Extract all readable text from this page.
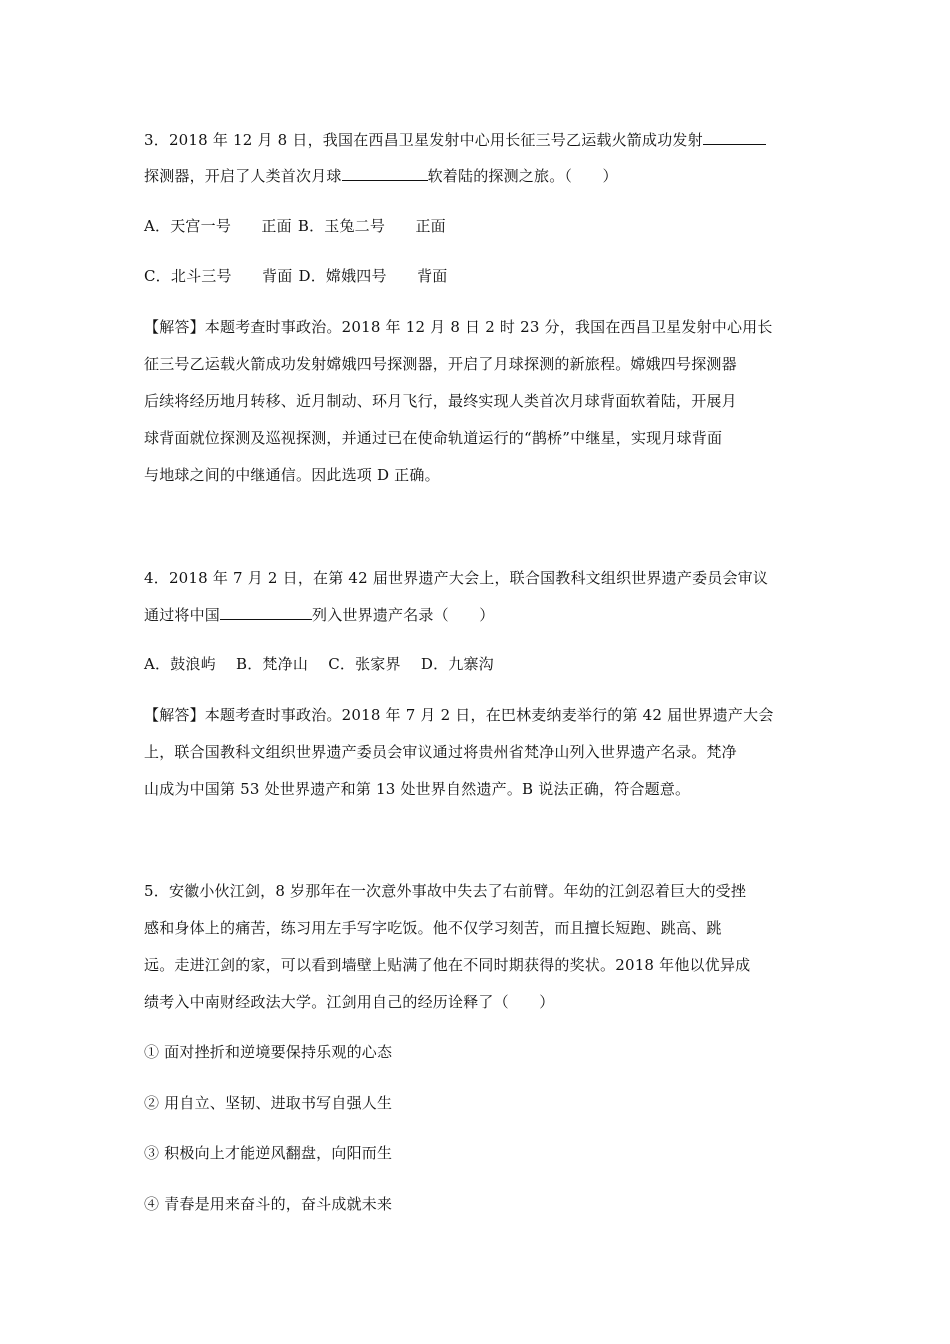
3．2018 年 12 月 8 日，我国在西昌卫星发射中心用长征三号乙运载火箭成功发射
探测器，开启了人类首次月球	软着陆的探测之旅。（　　）
A．天宫一号　　正面 B．玉兔二号　　正面
C．北斗三号　　背面 D．嫦娥四号　　背面
【解答】本题考查时事政治。2018 年 12 月 8 日 2 时 23 分，我国在西昌卫星发射中心用长
征三号乙运载火箭成功发射嫦娥四号探测器，开启了月球探测的新旅程。嫦娥四号探测器
后续将经历地月转移、近月制动、环月飞行，最终实现人类首次月球背面软着陆，开展月
球背面就位探测及巡视探测，并通过已在使命轨道运行的“鹊桥”中继星，实现月球背面
与地球之间的中继通信。因此选项 D 正确。
4．2018 年 7 月 2 日，在第 42 届世界遗产大会上，联合国教科文组织世界遗产委员会审议
通过将中国	列入世界遗产名录（　　）
A．鼓浪屿　 B．梵净山　 C．张家界　 D．九寨沟
【解答】本题考查时事政治。2018 年 7 月 2 日，在巴林麦纳麦举行的第 42 届世界遗产大会
上，联合国教科文组织世界遗产委员会审议通过将贵州省梵净山列入世界遗产名录。梵净
山成为中国第 53 处世界遗产和第 13 处世界自然遗产。B 说法正确，符合题意。
5．安徽小伙江剑，8 岁那年在一次意外事故中失去了右前臂。年幼的江剑忍着巨大的受挫
感和身体上的痛苦，练习用左手写字吃饭。他不仅学习刻苦，而且擅长短跑、跳高、跳
远。走进江剑的家，可以看到墙壁上贴满了他在不同时期获得的奖状。2018 年他以优异成
绩考入中南财经政法大学。江剑用自己的经历诠释了（　　）
① 面对挫折和逆境要保持乐观的心态
② 用自立、坚韧、进取书写自强人生
③ 积极向上才能逆风翻盘，向阳而生
④ 青春是用来奋斗的，奋斗成就未来
